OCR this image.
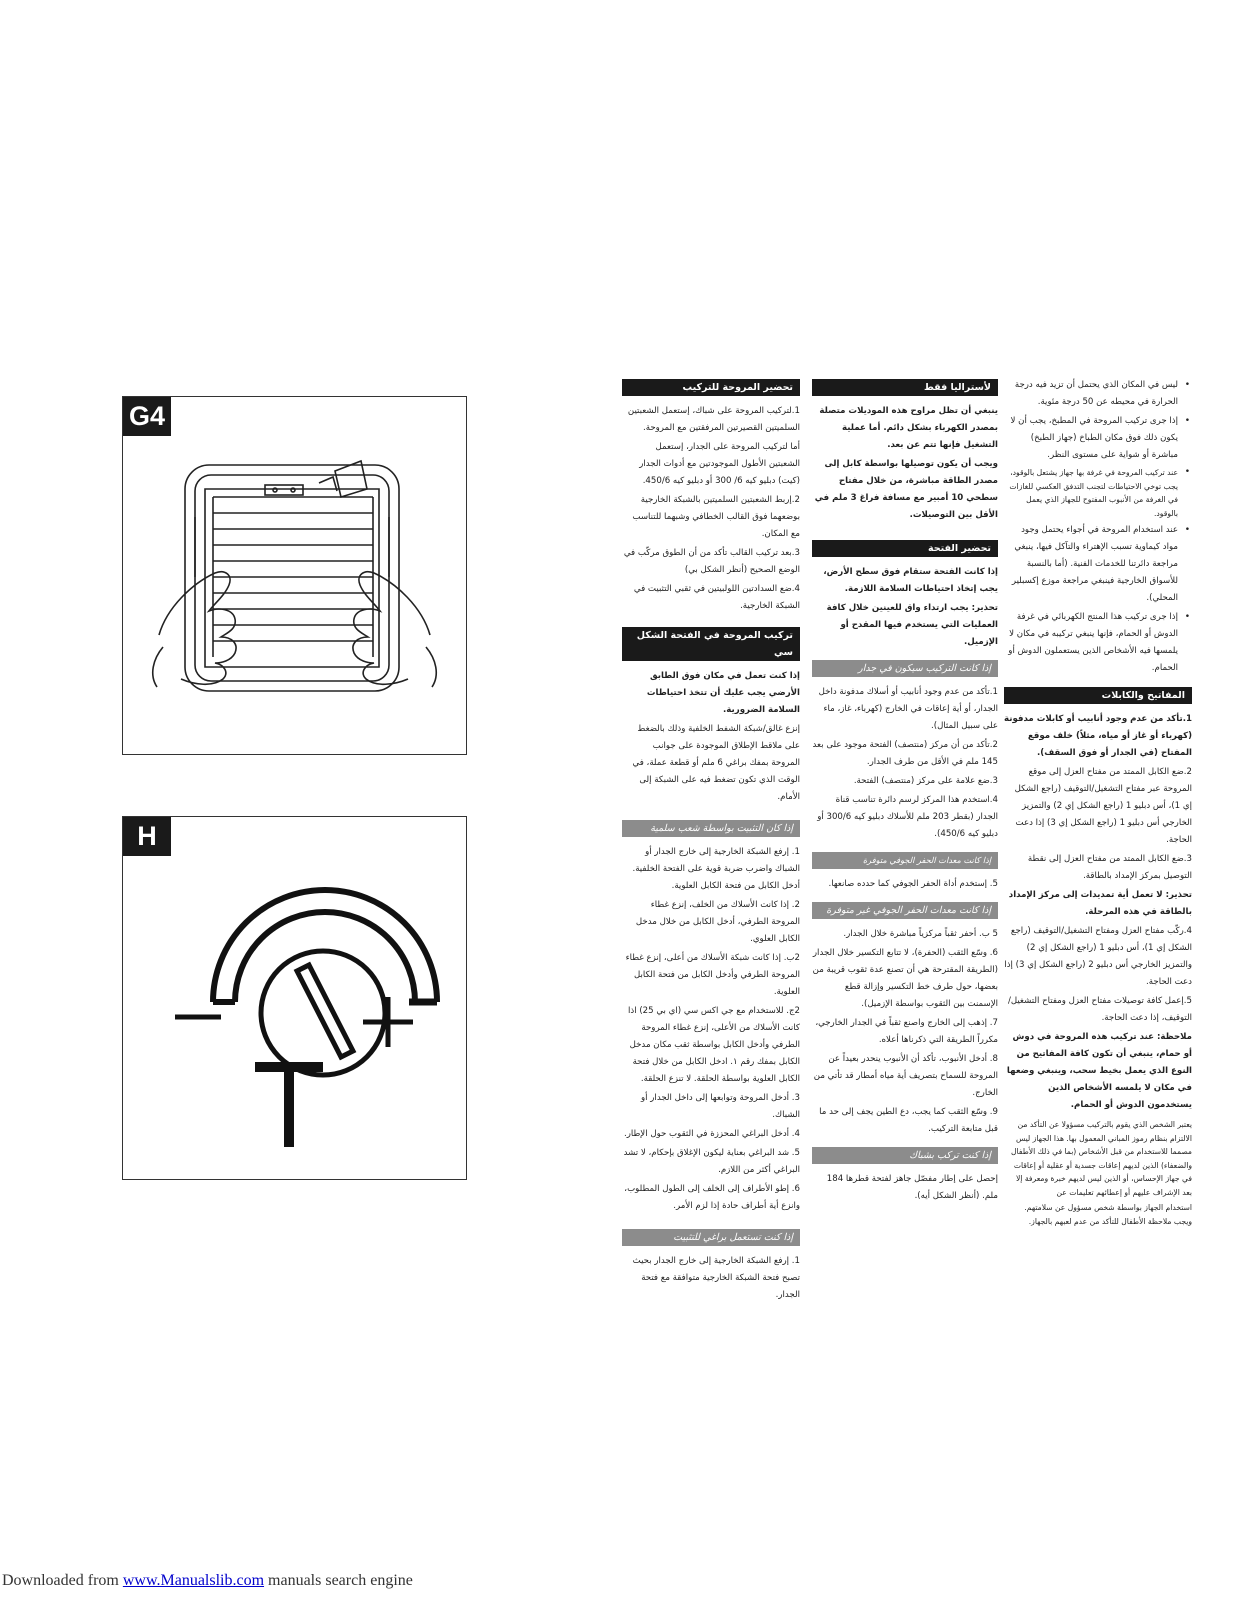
G4
H
تحضير المروحة للتركيب

1.لتركيب المروحة على شباك، إستعمل الشعبتين السلميتين القصيرتين المرفقتين مع المروحة.

أما لتركيب المروحة على الجدار، إستعمل الشعبتين الأطول الموجودتين مع أدوات الجدار (كيت) دبليو كيه 6/ 300 أو دبليو كيه 450/6.

2.إربط الشعبتين السلميتين بالشبكة الخارجية بوضعهما فوق القالب الخطافي وشبهما للتناسب مع المكان.

3.بعد تركيب القالب تأكد من أن الطوق مركّب في الوضع الصحيح (أنظر الشكل بي)

4.ضع السدادتين اللولبيتين في ثقبي التثبيت في الشبكة الخارجية.

تركيب المروحة في الفتحة الشكل سي

إذا كنت تعمل في مكان فوق الطابق الأرضي يجب عليك أن تتخذ احتياطات السلامة الضرورية.

إنزع غالق/شبكة الشفط الخلفية وذلك بالضغط على ملاقط الإطلاق الموجودة على جوانب المروحة بمفك براغي 6 ملم أو قطعة عملة، في الوقت الذي تكون تضغط فيه على الشبكة إلى الأمام.

إذا كان التثبيت بواسطة شعب سلمية

1. إرفع الشبكة الخارجية إلى خارج الجدار أو الشباك واضرب ضربة قوية على الفتحة الخلفية. أدخل الكابل من فتحة الكابل العلوية.

2. إذا كانت الأسلاك من الخلف، إنزع غطاء المروحة الطرفي، أدخل الكابل من خلال مدخل الكابل العلوي.

2ب. إذا كانت شبكة الأسلاك من أعلى، إنزع غطاء المروحة الطرفي وأدخل الكابل من فتحة الكابل العلوية.

2ج. للاستخدام مع جي اكس سي (اي بي 25) اذا كانت الأسلاك من الأعلى، إنزع غطاء المروحة الطرفي وأدخل الكابل بواسطة ثقب مكان مدخل الكابل بمفك رقم ١. ادخل الكابل من خلال فتحة الكابل العلوية بواسطة الحلقة. لا تنزع الحلقة.

3. أدخل المروحة وتوابعها إلى داخل الجدار أو الشباك.

4. أدخل البراغي المحززة في الثقوب حول الإطار.

5. شد البراغي بعناية ليكون الإغلاق بإحكام، لا تشد البراغي أكثر من اللازم.

6. إطو الأطراف إلى الخلف إلى الطول المطلوب، وانزع أية أطراف حادة إذا لزم الأمر.

إذا كنت تستعمل براغي للتثبيت

1. إرفع الشبكة الخارجية إلى خارج الجدار بحيث تصبح فتحة الشبكة الخارجية متوافقة مع فتحة الجدار.

لأستراليا فقط

ينبغي أن تظل مراوح هذه الموديلات متصلة بمصدر الكهرباء بشكل دائم. أما عملية التشغيل فإنها تتم عن بعد.

ويجب أن يكون توصيلها بواسطة كابل إلى مصدر الطاقة مباشرة، من خلال مفتاح سطحي 10 أمبير مع مسافة فراغ 3 ملم في الأقل بين التوصيلات.

تحضير الفتحة

إذا كانت الفتحة ستقام فوق سطح الأرض، يجب إتخاذ احتياطات السلامة اللازمة.

تحذير: يجب ارتداء واق للعينين خلال كافة العمليات التي يستخدم فيها المقدح أو الإزميل.

إذا كانت التركيب سيكون في جدار

1.تأكد من عدم وجود أنابيب أو أسلاك مدفونة داخل الجدار، أو أية إعاقات في الخارج (كهرباء، غاز، ماء على سبيل المثال).

2.تأكد من أن مركز (منتصف) الفتحة موجود على بعد 145 ملم في الأقل من طرف الجدار.

3.ضع علامة على مركز (منتصف) الفتحة.

4.استخدم هذا المركز لرسم دائرة تناسب قناة الجدار (بقطر 203 ملم للأسلاك دبليو كيه 300/6 أو دبليو كيه 450/6).

إذا كانت معدات الحفر الجوفي متوفرة

5. إستخدم أداة الحفر الجوفي كما حدده صانعها.

إذا كانت معدات الحفر الجوفي غير متوفرة

5 ب. أحفر ثقباً مركزياً مباشرة خلال الجدار.

6. وسّع الثقب (الحفرة)، لا تتابع التكسير خلال الجدار (الطريقة المقترحة هي أن تصنع عدة ثقوب قريبة من بعضها، حول طرف خط التكسير وإزالة قطع الإسمنت بين الثقوب بواسطة الإزميل).

7. إذهب إلى الخارج واصنع ثقباً في الجدار الخارجي، مكرراً الطريقة التي ذكرناها أعلاه.

8. أدخل الأنبوب، تأكد أن الأنبوب ينحدر بعيداً عن المروحة للسماح بتصريف أية مياه أمطار قد تأتي من الخارج.

9. وسّع الثقب كما يجب، دع الطين يجف إلى حد ما قبل متابعة التركيب.

إذا كنت تركب بشباك

إحصل على إطار مفصّل جاهز لفتحة قطرها 184 ملم. (أنظر الشكل أيه).

• ليس في المكان الذي يحتمل أن تزيد فيه درجة الحرارة في محيطه عن 50 درجة مئوية.
• إذا جرى تركيب المروحة في المطبخ، يجب أن لا يكون ذلك فوق مكان الطباخ (جهاز الطبخ) مباشرة أو شواية على مستوى النظر.
• عند تركيب المروحة في غرفة بها جهاز يشتعل بالوقود، يجب توخي الاحتياطات لتجنب التدفق العكسي للغازات في الغرفة من الأنبوب المفتوح للجهاز الذي يعمل بالوقود.
• عند استخدام المروحة في أجواء يحتمل وجود مواد كيماوية تسبب الإهتراء والتآكل فيها، ينبغي مراجعة دائرتنا للخدمات الفنية. (أما بالنسبة للأسواق الخارجية فينبغي مراجعة موزع إكسبلير المحلي).
• إذا جرى تركيب هذا المنتج الكهربائي في غرفة الدوش أو الحمام، فإنها ينبغي تركيبه في مكان لا يلمسها فيه الأشخاص الذين يستعملون الدوش أو الحمام.
المفاتيح والكابلات

1.تأكد من عدم وجود أنابيب أو كابلات مدفونة (كهرباء أو غاز أو مياه، مثلاً) خلف موقع المفتاح (في الجدار أو فوق السقف).

2.ضع الكابل الممتد من مفتاح العزل إلى موقع المروحة عبر مفتاح التشغيل/التوقيف (راجع الشكل إي 1)، أس دبليو 1 (راجع الشكل إي 2) والتمزيز الخارجي أس دبليو 1 (راجع الشكل إي 3) إذا دعت الحاجة.

3.ضع الكابل الممتد من مفتاح العزل إلى نقطة التوصيل بمركز الإمداد بالطاقة.

تحذير: لا تعمل أية تمديدات إلى مركز الإمداد بالطاقة في هذه المرحلة.

4.ركّب مفتاح العزل ومفتاح التشغيل/التوقيف (راجع الشكل إي 1)، أس دبليو 1 (راجع الشكل إي 2) والتمزيز الخارجي أس دبليو 2 (راجع الشكل إي 3) إذا دعت الحاجة.

5.إعمل كافة توصيلات مفتاح العزل ومفتاح التشغيل/التوقيف، إذا دعت الحاجة.

ملاحظة: عند تركيب هذه المروحة في دوش أو حمام، ينبغي أن تكون كافة المفاتيح من النوع الذي يعمل بخيط سحب، وينبغي وضعها في مكان لا يلمسه الأشخاص الذين يستخدمون الدوش أو الحمام.

يعتبر الشخص الذي يقوم بالتركيب مسؤولا عن التأكد من الالتزام بنظام رموز المباني المعمول بها. هذا الجهاز ليس مصمما للاستخدام من قبل الأشخاص (بما في ذلك الأطفال والضعفاء) الذين لديهم إعاقات جسدية أو عقلية أو إعاقات في جهاز الإحساس، أو الذين ليس لديهم خبرة ومعرفة إلا بعد الإشراف عليهم أو إعطائهم تعليمات عن

استخدام الجهاز بواسطة شخص مسؤول عن سلامتهم. ويجب ملاحظة الأطفال للتأكد من عدم لعبهم بالجهاز.

Downloaded from www.Manualslib.com manuals search engine
